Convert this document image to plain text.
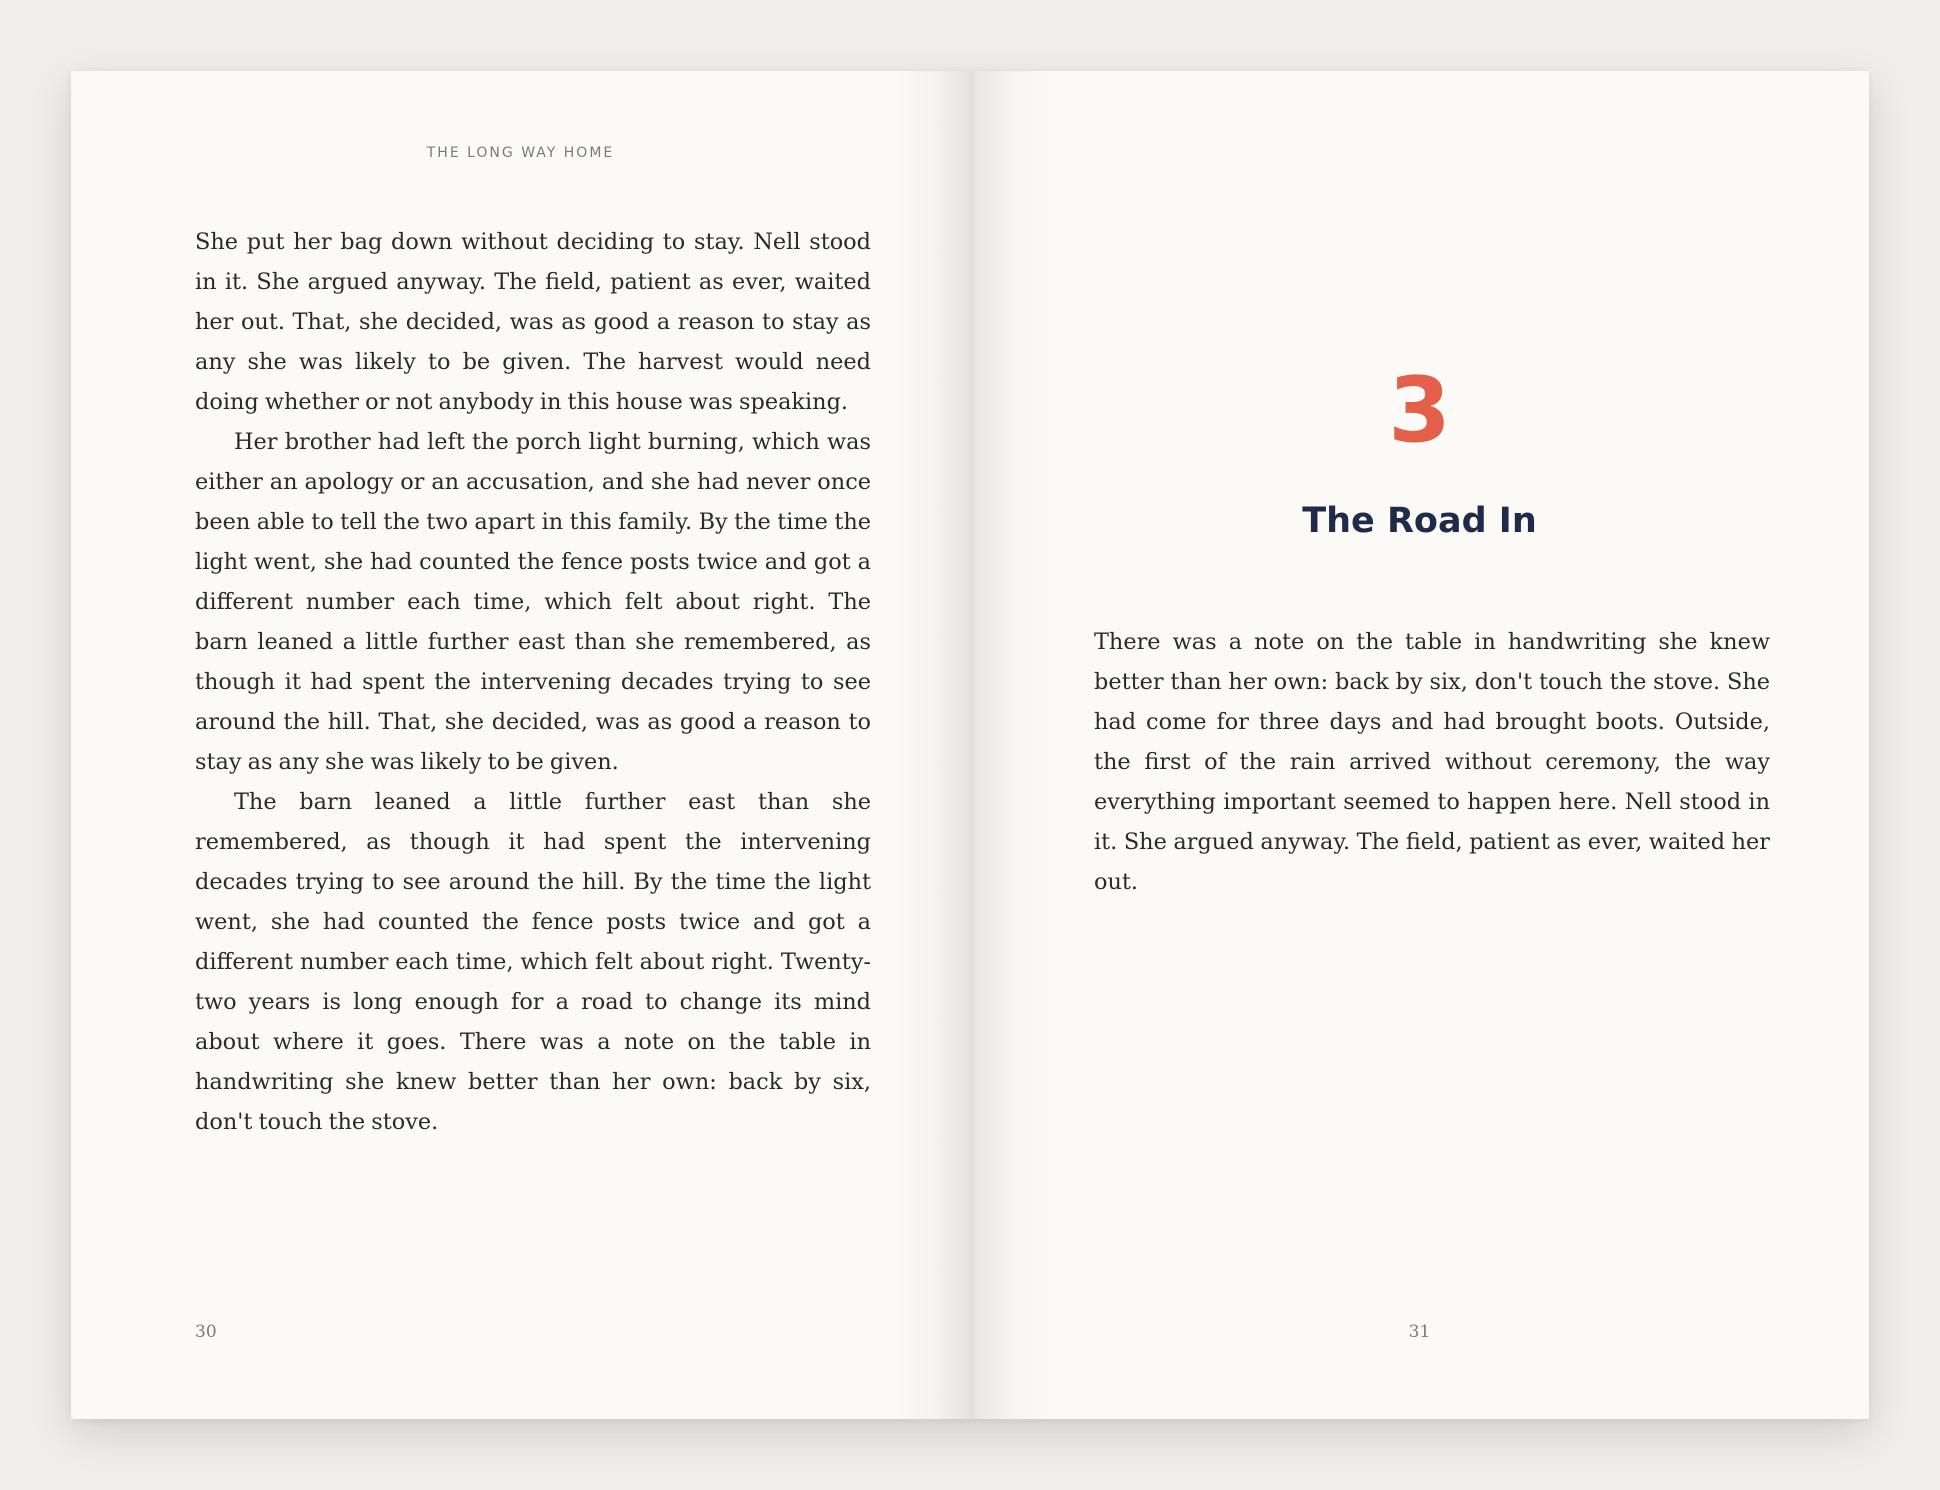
THE LONG WAY HOME

She put her bag down without deciding to stay. Nell stood in it. She argued anyway. The field, patient as ever, waited her out. That, she decided, was as good a reason to stay as any she was likely to be given. The harvest would need doing whether or not anybody in this house was speaking.

Her brother had left the porch light burning, which was either an apology or an accusation, and she had never once been able to tell the two apart in this family. By the time the light went, she had counted the fence posts twice and got a different number each time, which felt about right. The barn leaned a little further east than she remembered, as though it had spent the intervening decades trying to see around the hill. That, she decided, was as good a reason to stay as any she was likely to be given.

The barn leaned a little further east than she remembered, as though it had spent the intervening decades trying to see around the hill. By the time the light went, she had counted the fence posts twice and got a different number each time, which felt about right. Twenty-two years is long enough for a road to change its mind about where it goes. There was a note on the table in handwriting she knew better than her own: back by six, don't touch the stove.

30
3
The Road In

There was a note on the table in handwriting she knew better than her own: back by six, don't touch the stove. She had come for three days and had brought boots. Outside, the first of the rain arrived without ceremony, the way everything important seemed to happen here. Nell stood in it. She argued anyway. The field, patient as ever, waited her out.

31
